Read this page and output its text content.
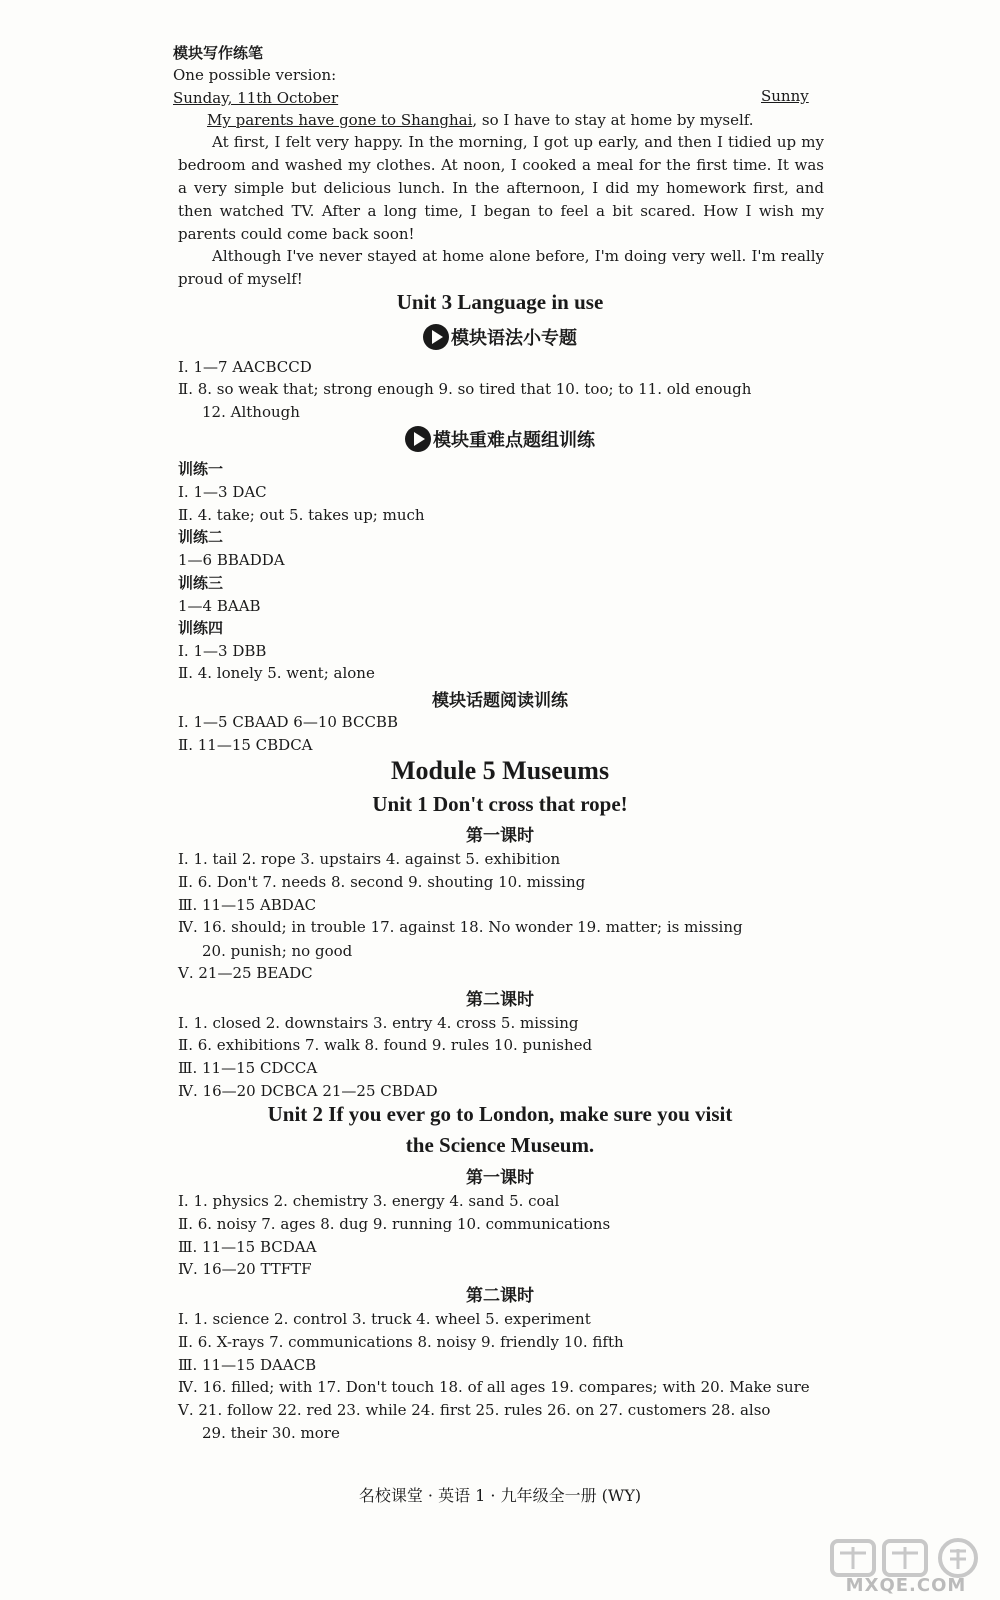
模块写作练笔
One possible version:
Sunday, 11th October	Sunny
My parents have gone to Shanghai, so I have to stay at home by myself.
At first, I felt very happy. In the morning, I got up early, and then I tidied up my bedroom and washed my clothes. At noon, I cooked a meal for the first time. It was a very simple but delicious lunch. In the afternoon, I did my homework first, and then watched TV. After a long time, I began to feel a bit scared. How I wish my parents could come back soon!
Although I've never stayed at home alone before, I'm doing very well. I'm really proud of myself!
Unit 3 Language in use
模块语法小专题
Ⅰ. 1—7 AACBCCD
Ⅱ. 8. so weak that; strong enough 9. so tired that 10. too; to 11. old enough
12. Although
模块重难点题组训练
训练一
Ⅰ. 1—3 DAC
Ⅱ. 4. take; out 5. takes up; much
训练二
1—6 BBADDA
训练三
1—4 BAAB
训练四
Ⅰ. 1—3 DBB
Ⅱ. 4. lonely 5. went; alone
模块话题阅读训练
Ⅰ. 1—5 CBAAD 6—10 BCCBB
Ⅱ. 11—15 CBDCA
Module 5 Museums
Unit 1 Don't cross that rope!
第一课时
Ⅰ. 1. tail 2. rope 3. upstairs 4. against 5. exhibition
Ⅱ. 6. Don't 7. needs 8. second 9. shouting 10. missing
Ⅲ. 11—15 ABDAC
Ⅳ. 16. should; in trouble 17. against 18. No wonder 19. matter; is missing
20. punish; no good
Ⅴ. 21—25 BEADC
第二课时
Ⅰ. 1. closed 2. downstairs 3. entry 4. cross 5. missing
Ⅱ. 6. exhibitions 7. walk 8. found 9. rules 10. punished
Ⅲ. 11—15 CDCCA
Ⅳ. 16—20 DCBCA 21—25 CBDAD
Unit 2 If you ever go to London, make sure you visit
the Science Museum.
第一课时
Ⅰ. 1. physics 2. chemistry 3. energy 4. sand 5. coal
Ⅱ. 6. noisy 7. ages 8. dug 9. running 10. communications
Ⅲ. 11—15 BCDAA
Ⅳ. 16—20 TTFTF
第二课时
Ⅰ. 1. science 2. control 3. truck 4. wheel 5. experiment
Ⅱ. 6. X-rays 7. communications 8. noisy 9. friendly 10. fifth
Ⅲ. 11—15 DAACB
Ⅳ. 16. filled; with 17. Don't touch 18. of all ages 19. compares; with 20. Make sure
Ⅴ. 21. follow 22. red 23. while 24. first 25. rules 26. on 27. customers 28. also
29. their 30. more
名校课堂 · 英语 1 · 九年级全一册 (WY)
MXQE.COM
